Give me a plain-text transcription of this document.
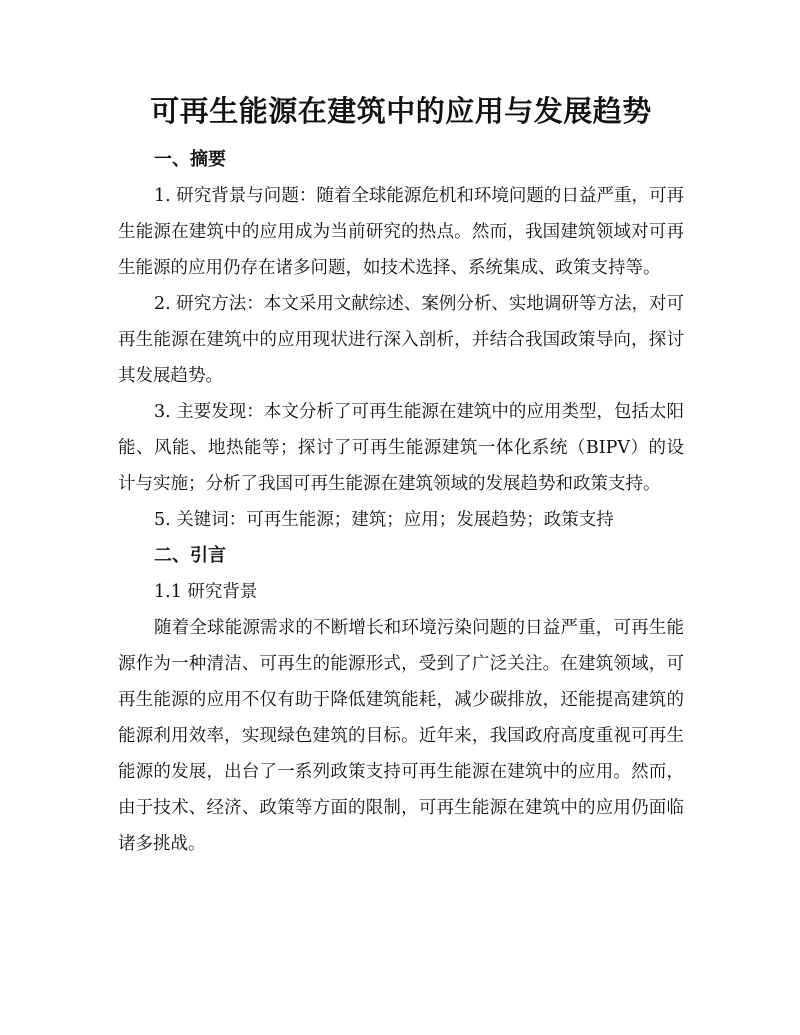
可再生能源在建筑中的应用与发展趋势
一、摘要

1. 研究背景与问题：随着全球能源危机和环境问题的日益严重，可再生能源在建筑中的应用成为当前研究的热点。然而，我国建筑领域对可再生能源的应用仍存在诸多问题，如技术选择、系统集成、政策支持等。

2. 研究方法：本文采用文献综述、案例分析、实地调研等方法，对可再生能源在建筑中的应用现状进行深入剖析，并结合我国政策导向，探讨其发展趋势。

3. 主要发现：本文分析了可再生能源在建筑中的应用类型，包括太阳能、风能、地热能等；探讨了可再生能源建筑一体化系统（BIPV）的设计与实施；分析了我国可再生能源在建筑领域的发展趋势和政策支持。

5. 关键词：可再生能源；建筑；应用；发展趋势；政策支持

二、引言

1.1 研究背景

随着全球能源需求的不断增长和环境污染问题的日益严重，可再生能源作为一种清洁、可再生的能源形式，受到了广泛关注。在建筑领域，可再生能源的应用不仅有助于降低建筑能耗，减少碳排放，还能提高建筑的能源利用效率，实现绿色建筑的目标。近年来，我国政府高度重视可再生能源的发展，出台了一系列政策支持可再生能源在建筑中的应用。然而，由于技术、经济、政策等方面的限制，可再生能源在建筑中的应用仍面临诸多挑战。
